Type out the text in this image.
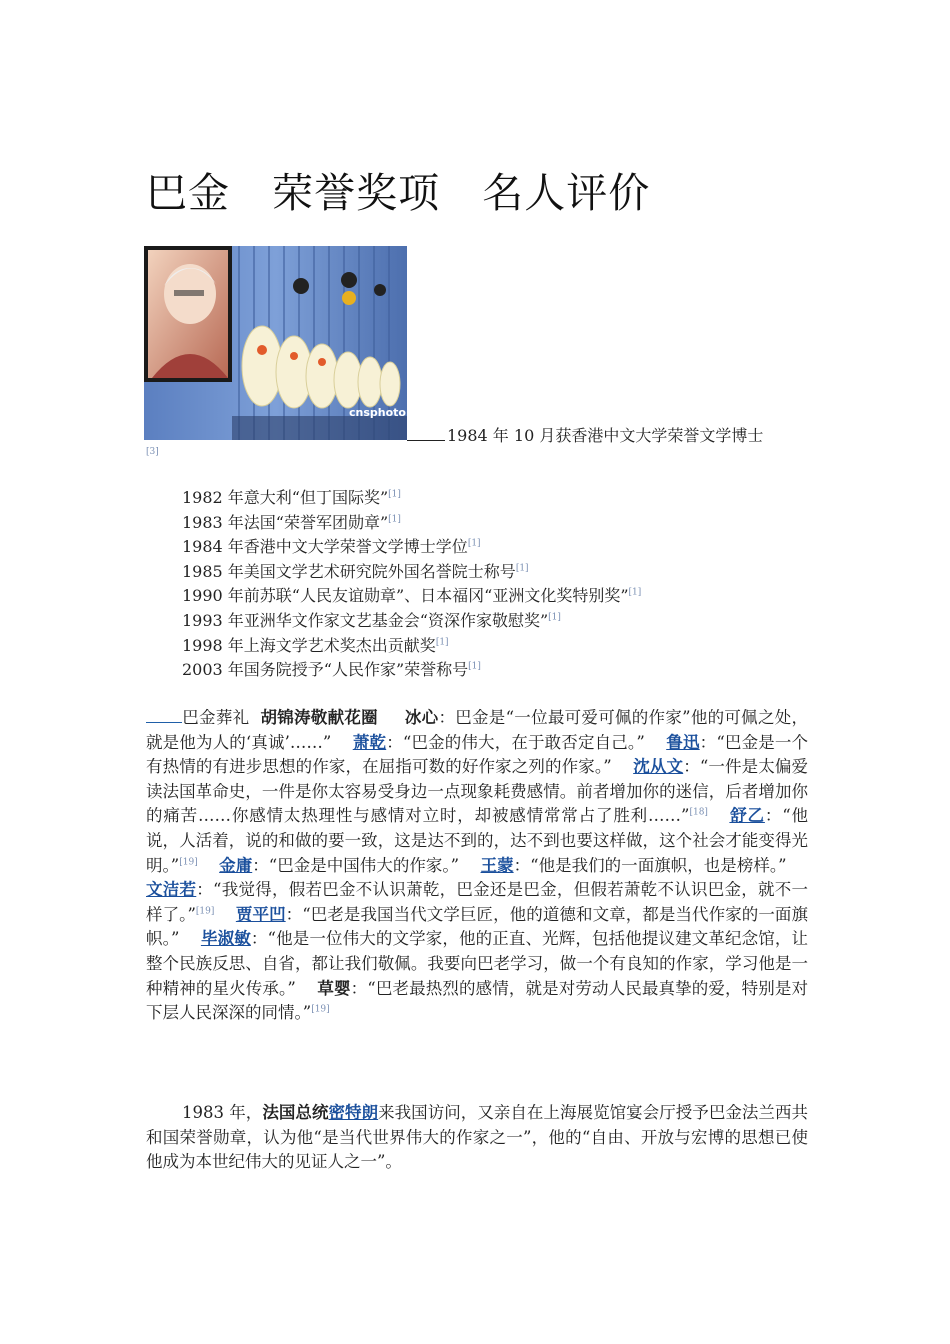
巴金   荣誉奖项   名人评价
cnsphoto
1984 年 10 月获香港中文大学荣誉文学博士
[3]
1982 年意大利“但丁国际奖”[1]
1983 年法国“荣誉军团勋章”[1]
1984 年香港中文大学荣誉文学博士学位[1]
1985 年美国文学艺术研究院外国名誉院士称号[1]
1990 年前苏联“人民友谊勋章”、日本福冈“亚洲文化奖特别奖”[1]
1993 年亚洲华文作家文艺基金会“资深作家敬慰奖”[1]
1998 年上海文学艺术奖杰出贡献奖[1]
2003 年国务院授予“人民作家”荣誉称号[1]

巴金葬礼 胡锦涛敬献花圈 冰心：巴金是“一位最可爱可佩的作家”他的可佩之处，就是他为人的‘真诚’……” 萧乾：“巴金的伟大，在于敢否定自己。” 鲁迅：“巴金是一个有热情的有进步思想的作家，在屈指可数的好作家之列的作家。” 沈从文：“一件是太偏爱读法国革命史，一件是你太容易受身边一点现象耗费感情。前者增加你的迷信，后者增加你的痛苦……你感情太热理性与感情对立时，却被感情常常占了胜利……”[18] 舒乙：“他说，人活着，说的和做的要一致，这是达不到的，达不到也要这样做，这个社会才能变得光明。”[19] 金庸：“巴金是中国伟大的作家。” 王蒙：“他是我们的一面旗帜，也是榜样。”文洁若：“我觉得，假若巴金不认识萧乾，巴金还是巴金，但假若萧乾不认识巴金，就不一样了。”[19] 贾平凹：“巴老是我国当代文学巨匠，他的道德和文章，都是当代作家的一面旗帜。” 毕淑敏：“他是一位伟大的文学家，他的正直、光辉，包括他提议建文革纪念馆，让整个民族反思、自省，都让我们敬佩。我要向巴老学习，做一个有良知的作家，学习他是一种精神的星火传承。” 草婴：“巴老最热烈的感情，就是对劳动人民最真挚的爱，特别是对下层人民深深的同情。”[19]

1983 年，法国总统密特朗来我国访问，又亲自在上海展览馆宴会厅授予巴金法兰西共和国荣誉勋章，认为他“是当代世界伟大的作家之一”，他的“自由、开放与宏博的思想已使他成为本世纪伟大的见证人之一”。
